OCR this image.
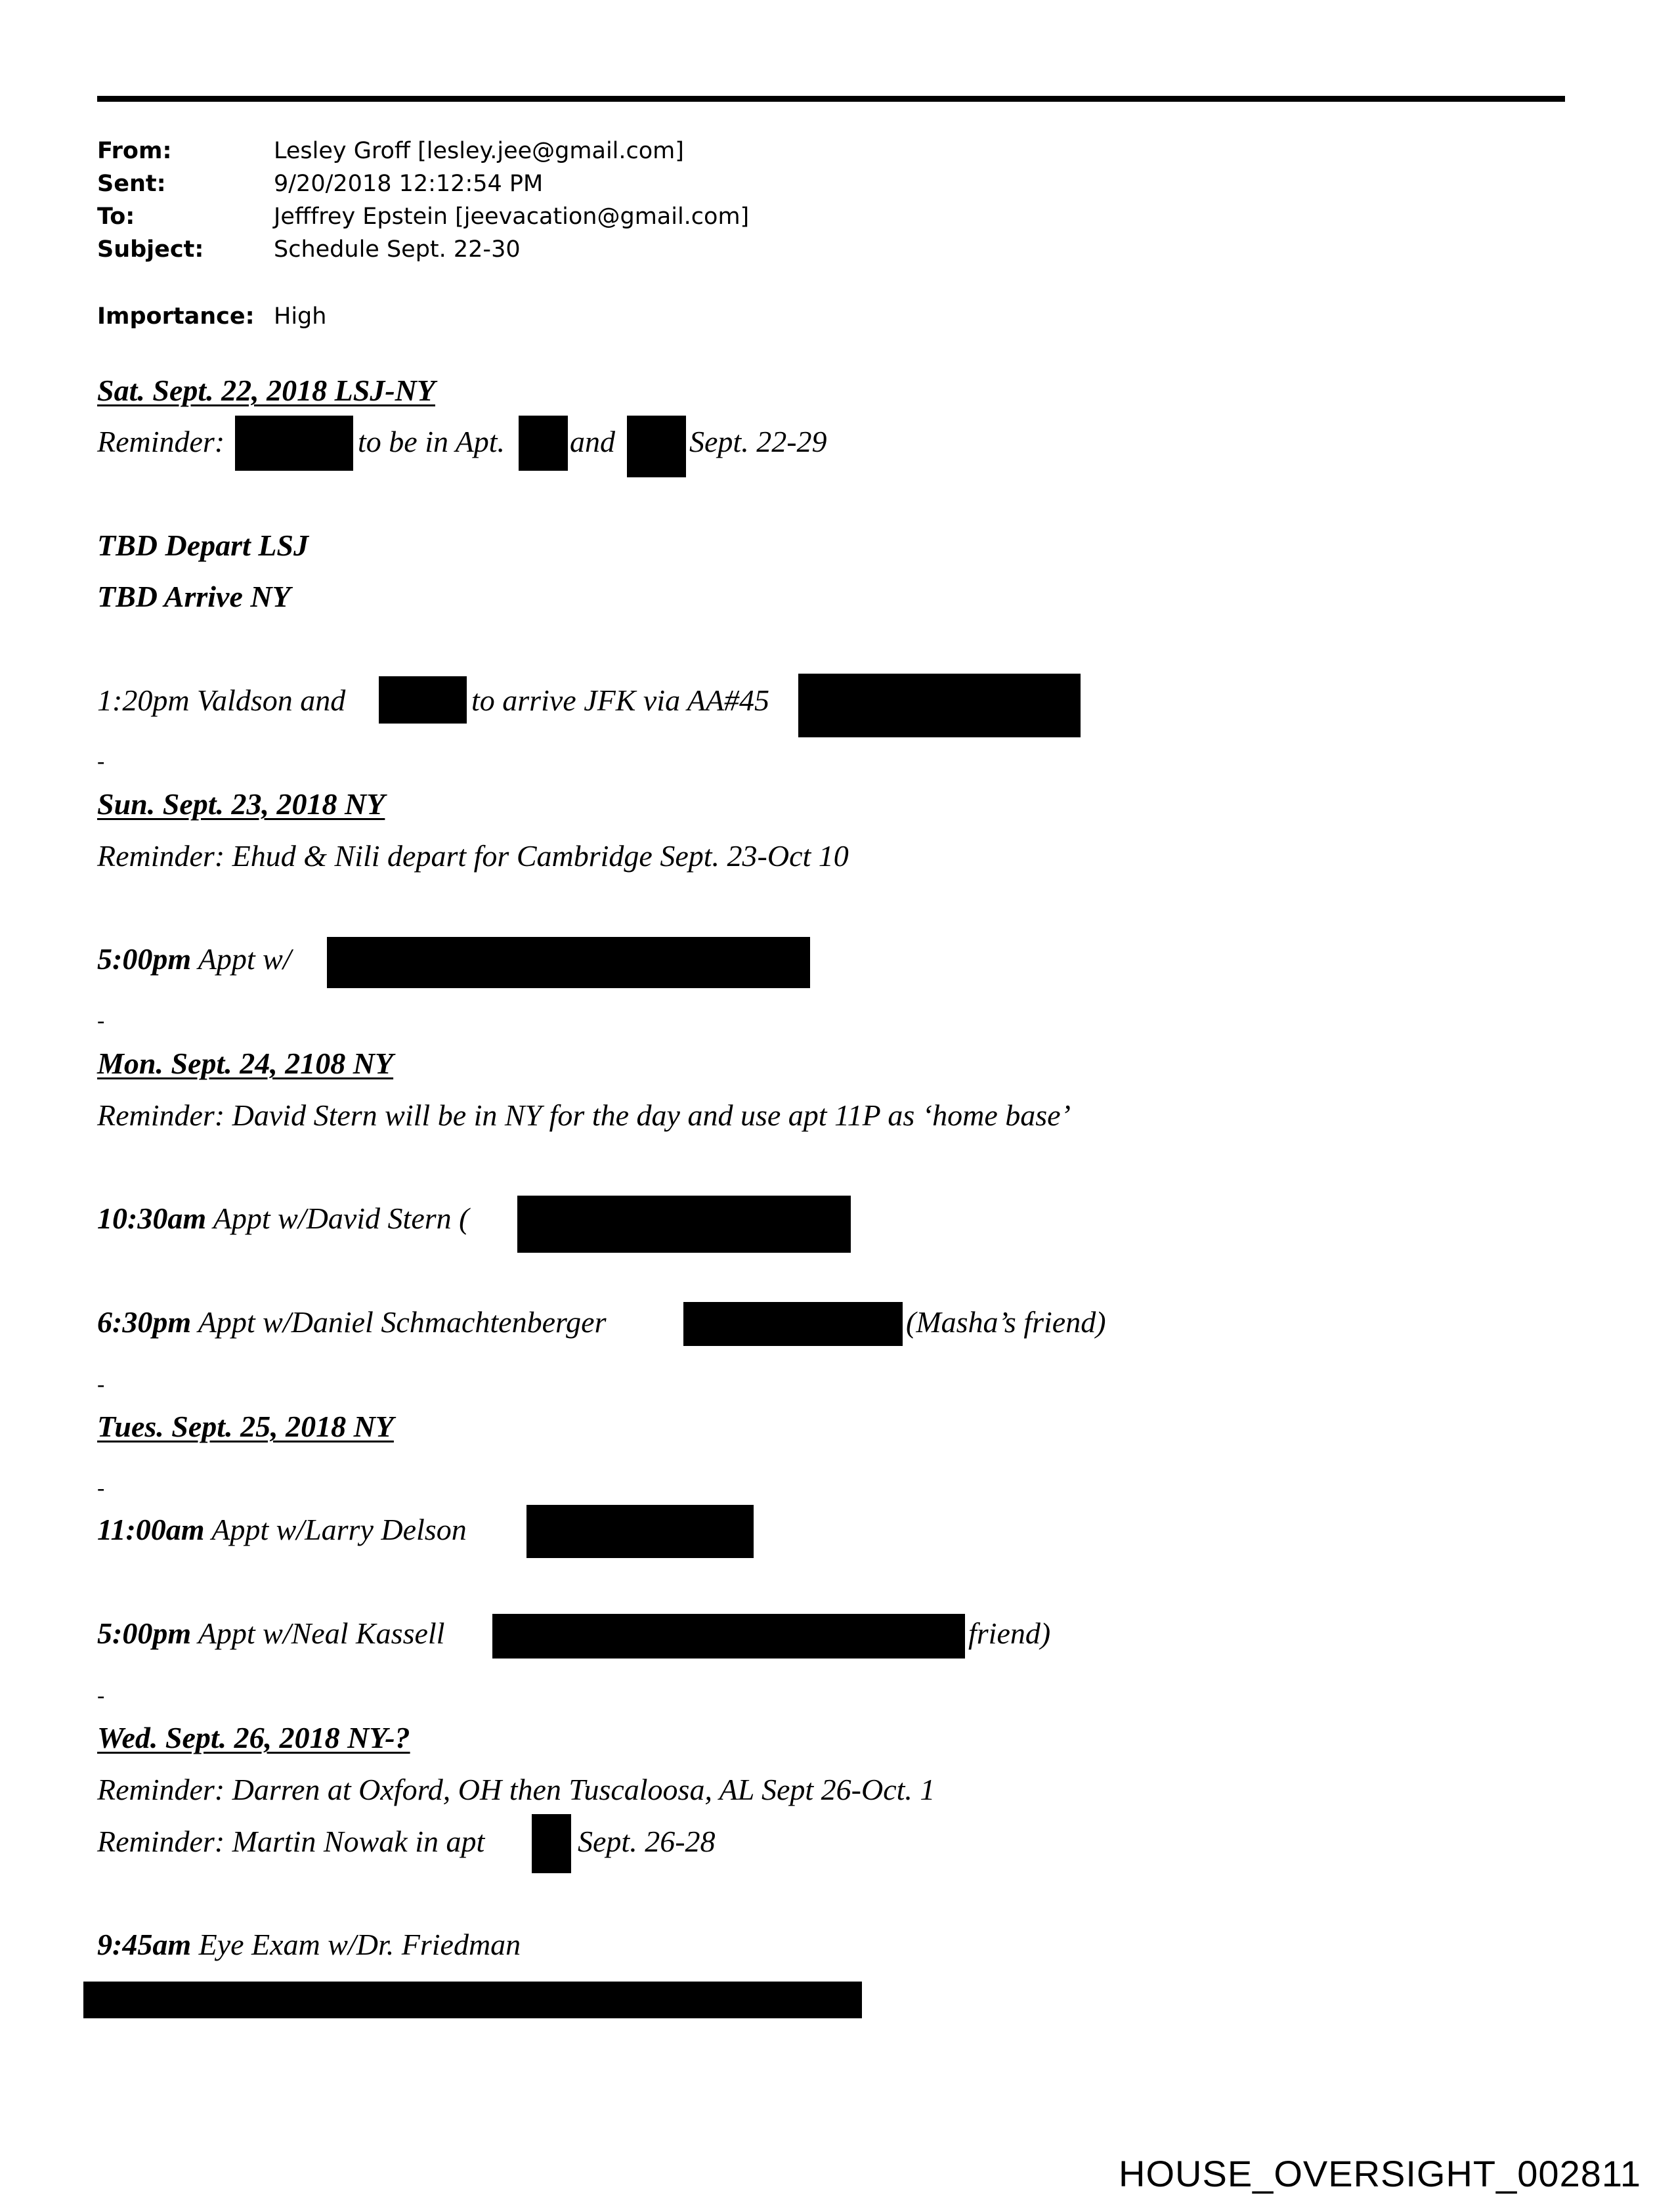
From:	Lesley Groff [lesley.jee@gmail.com]
Sent:	9/20/2018 12:12:54 PM
To:	Jefffrey Epstein [jeevacation@gmail.com]
Subject:	Schedule Sept. 22-30
Importance: High
Sat. Sept. 22, 2018 LSJ-NY
Reminder:	to be in Apt. and Sept. 22-29
TBD Depart LSJ
TBD Arrive NY
1:20pm Valdson and	to arrive JFK via AA#45
-
Sun. Sept. 23, 2018 NY
Reminder: Ehud & Nili depart for Cambridge Sept. 23-Oct 10
5:00pm Appt w/
-
Mon. Sept. 24, 2108 NY
Reminder: David Stern will be in NY for the day and use apt 11P as ‘home base’
10:30am Appt w/David Stern (
6:30pm Appt w/Daniel Schmachtenberger	(Masha’s friend)
-
Tues. Sept. 25, 2018 NY
-
11:00am Appt w/Larry Delson
5:00pm Appt w/Neal Kassell	friend)
-
Wed. Sept. 26, 2018 NY-?
Reminder: Darren at Oxford, OH then Tuscaloosa, AL Sept 26-Oct. 1
Reminder: Martin Nowak in apt	Sept. 26-28
9:45am Eye Exam w/Dr. Friedman
HOUSE_OVERSIGHT_002811
